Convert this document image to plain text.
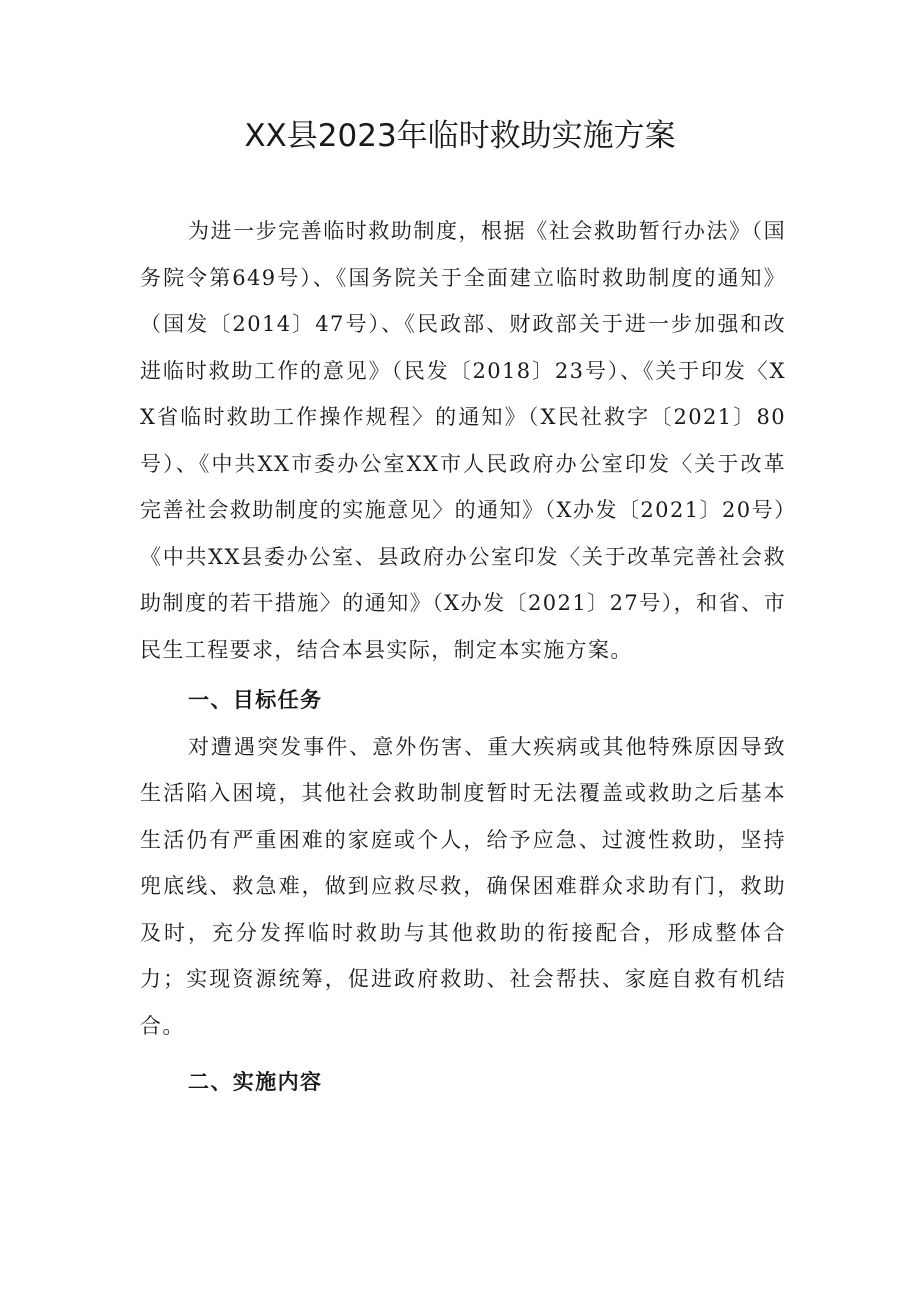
XX县2023年临时救助实施方案

为进一步完善临时救助制度，根据《社会救助暂行办法》（国务院令第649号）、《国务院关于全面建立临时救助制度的通知》（国发〔2014〕47号）、《民政部、财政部关于进一步加强和改进临时救助工作的意见》（民发〔2018〕23号）、《关于印发〈XX省临时救助工作操作规程〉的通知》（X民社救字〔2021〕80号）、《中共XX市委办公室XX市人民政府办公室印发〈关于改革完善社会救助制度的实施意见〉的通知》（X办发〔2021〕20号）《中共XX县委办公室、县政府办公室印发〈关于改革完善社会救助制度的若干措施〉的通知》（X办发〔2021〕27号），和省、市民生工程要求，结合本县实际，制定本实施方案。

一、目标任务

对遭遇突发事件、意外伤害、重大疾病或其他特殊原因导致生活陷入困境，其他社会救助制度暂时无法覆盖或救助之后基本生活仍有严重困难的家庭或个人，给予应急、过渡性救助，坚持兜底线、救急难，做到应救尽救，确保困难群众求助有门，救助及时，充分发挥临时救助与其他救助的衔接配合，形成整体合力；实现资源统筹，促进政府救助、社会帮扶、家庭自救有机结合。

二、实施内容
